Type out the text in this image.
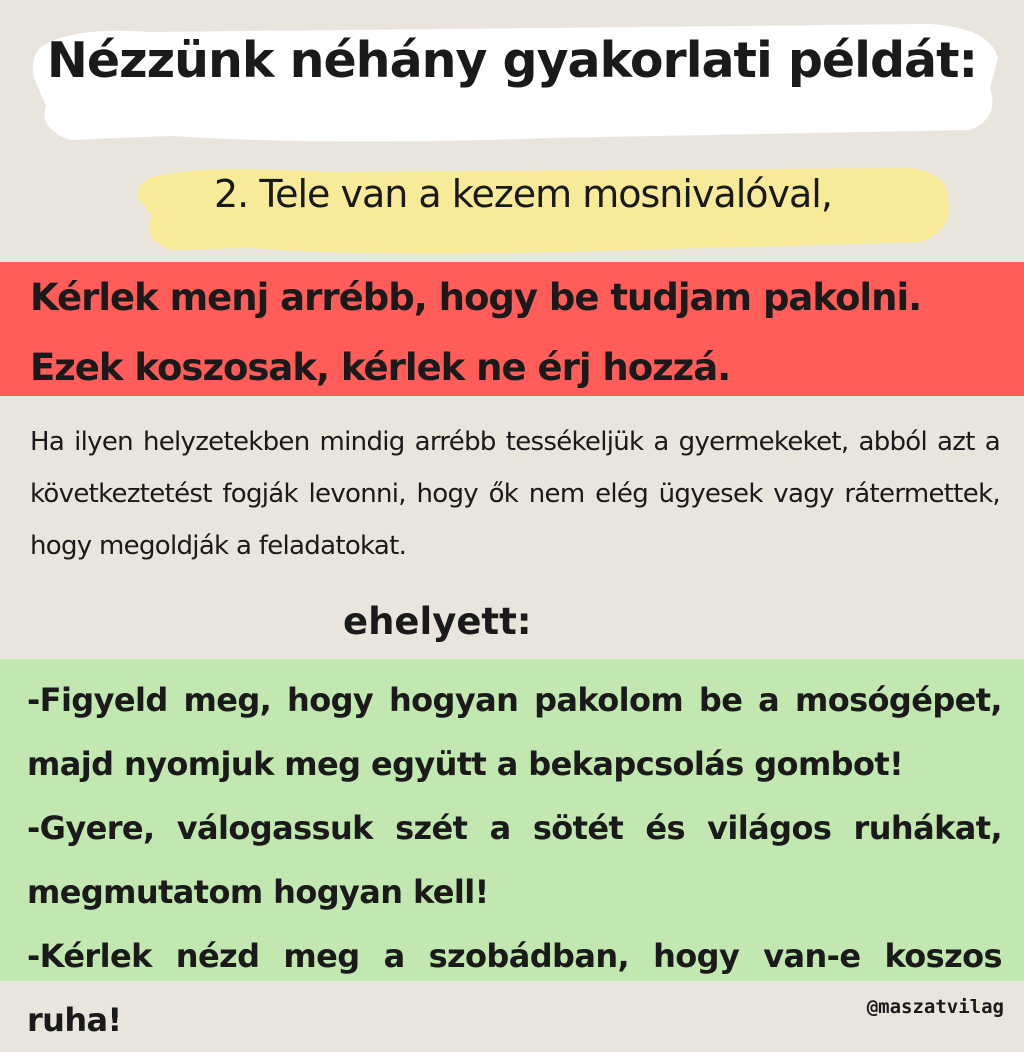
Nézzünk néhány gyakorlati példát:
2. Tele van a kezem mosnivalóval,
Kérlek menj arrébb, hogy be tudjam pakolni.
Ezek koszosak, kérlek ne érj hozzá.
Ha ilyen helyzetekben mindig arrébb tessékeljük a gyermekeket, abból azt a következtetést fogják levonni, hogy ők nem elég ügyesek vagy rátermettek, hogy megoldják a feladatokat.
ehelyett:

-Figyeld meg, hogy hogyan pakolom be a mosógépet, majd nyomjuk meg együtt a bekapcsolás gombot!

-Gyere, válogassuk szét a sötét és világos ruhákat, megmutatom hogyan kell!

-Kérlek nézd meg a szobádban, hogy van-e koszos ruha!	@maszatvilag
